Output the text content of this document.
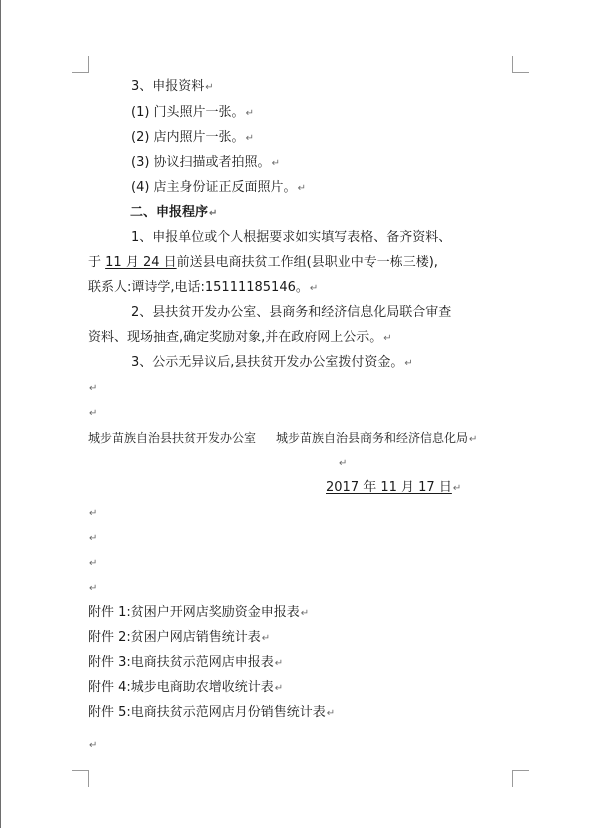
3、申报资料↵
(1) 门头照片一张。↵
(2) 店内照片一张。↵
(3) 协议扫描或者拍照。↵
(4) 店主身份证正反面照片。↵
二、申报程序↵
1、申报单位或个人根据要求如实填写表格、备齐资料、
于 11 月 24 日前送县电商扶贫工作组(县职业中专一栋三楼),
联系人:谭诗学,电话:15111185146。↵
2、县扶贫开发办公室、县商务和经济信息化局联合审查
资料、现场抽查,确定奖励对象,并在政府网上公示。↵
3、公示无异议后,县扶贫开发办公室拨付资金。↵
↵
↵
城步苗族自治县扶贫开发办公室 城步苗族自治县商务和经济信息化局↵
↵
2017 年 11 月 17 日↵
↵
↵
↵
↵
附件 1:贫困户开网店奖励资金申报表↵
附件 2:贫困户网店销售统计表↵
附件 3:电商扶贫示范网店申报表↵
附件 4:城步电商助农增收统计表↵
附件 5:电商扶贫示范网店月份销售统计表↵
↵
